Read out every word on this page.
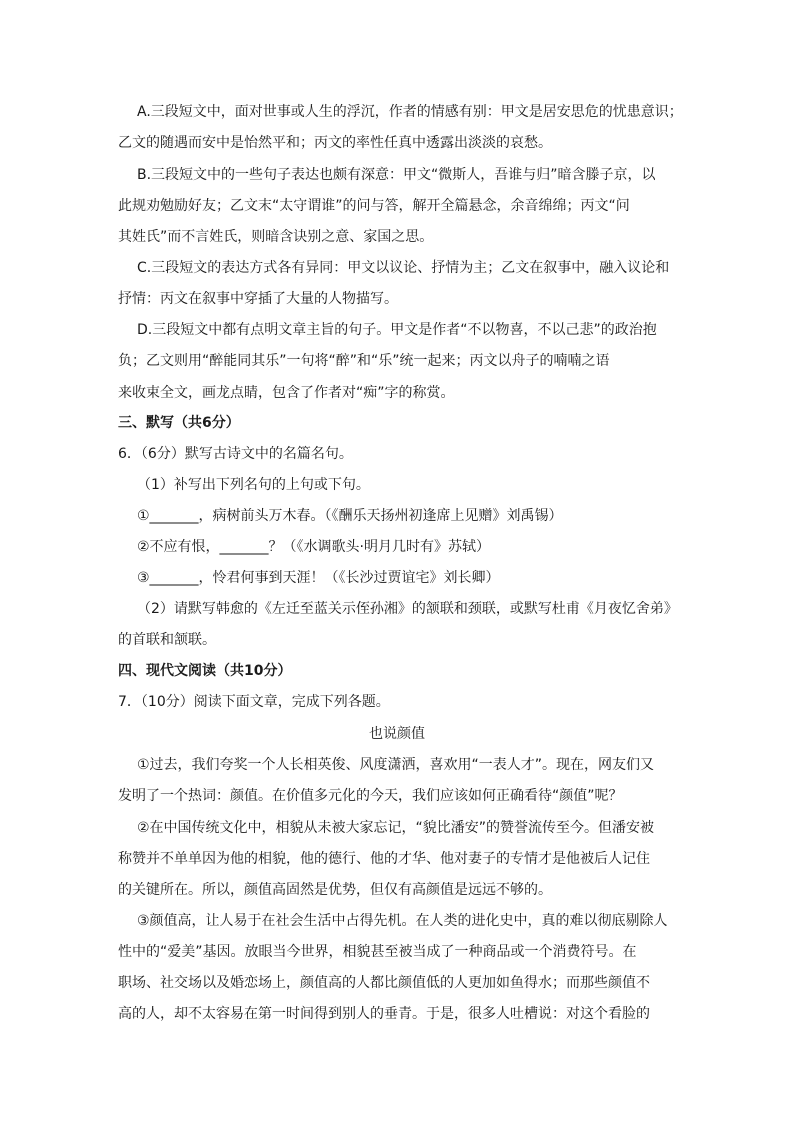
A.三段短文中，面对世事或人生的浮沉，作者的情感有别：甲文是居安思危的忧患意识；

乙文的随遇而安中是怡然平和；丙文的率性任真中透露出淡淡的哀愁。

B.三段短文中的一些句子表达也颇有深意：甲文“微斯人，吾谁与归”暗含滕子京，以

此规劝勉励好友；乙文末“太守谓谁”的问与答，解开全篇悬念，余音绵绵；丙文“问

其姓氏”而不言姓氏，则暗含诀别之意、家国之思。

C.三段短文的表达方式各有异同：甲文以议论、抒情为主；乙文在叙事中，融入议论和

抒情：丙文在叙事中穿插了大量的人物描写。

D.三段短文中都有点明文章主旨的句子。甲文是作者“不以物喜，不以己悲”的政治抱

负；乙文则用“醉能同其乐”一句将“醉”和“乐”统一起来；丙文以舟子的喃喃之语

来收束全文，画龙点睛，包含了作者对“痴”字的称赏。

三、默写（共6分）

6．（6分）默写古诗文中的名篇名句。

（1）补写出下列名句的上句或下句。

①_______，病树前头万木春。（《酬乐天扬州初逢席上见赠》刘禹锡）

②不应有恨，_______？（《水调歌头·明月几时有》苏轼）

③_______，怜君何事到天涯！（《长沙过贾谊宅》刘长卿）

（2）请默写韩愈的《左迁至蓝关示侄孙湘》的颔联和颈联，或默写杜甫《月夜忆舍弟》

的首联和颔联。

四、现代文阅读（共10分）

7．（10分）阅读下面文章，完成下列各题。

也说颜值

①过去，我们夸奖一个人长相英俊、风度潇洒，喜欢用“一表人才”。现在，网友们又

发明了一个热词：颜值。在价值多元化的今天，我们应该如何正确看待“颜值”呢？

②在中国传统文化中，相貌从未被大家忘记，“貌比潘安”的赞誉流传至今。但潘安被

称赞并不单单因为他的相貌，他的德行、他的才华、他对妻子的专情才是他被后人记住

的关键所在。所以，颜值高固然是优势，但仅有高颜值是远远不够的。

③颜值高，让人易于在社会生活中占得先机。在人类的进化史中，真的难以彻底剔除人

性中的“爱美”基因。放眼当今世界，相貌甚至被当成了一种商品或一个消费符号。在

职场、社交场以及婚恋场上，颜值高的人都比颜值低的人更加如鱼得水；而那些颜值不

高的人，却不太容易在第一时间得到别人的垂青。于是，很多人吐槽说：对这个看脸的
